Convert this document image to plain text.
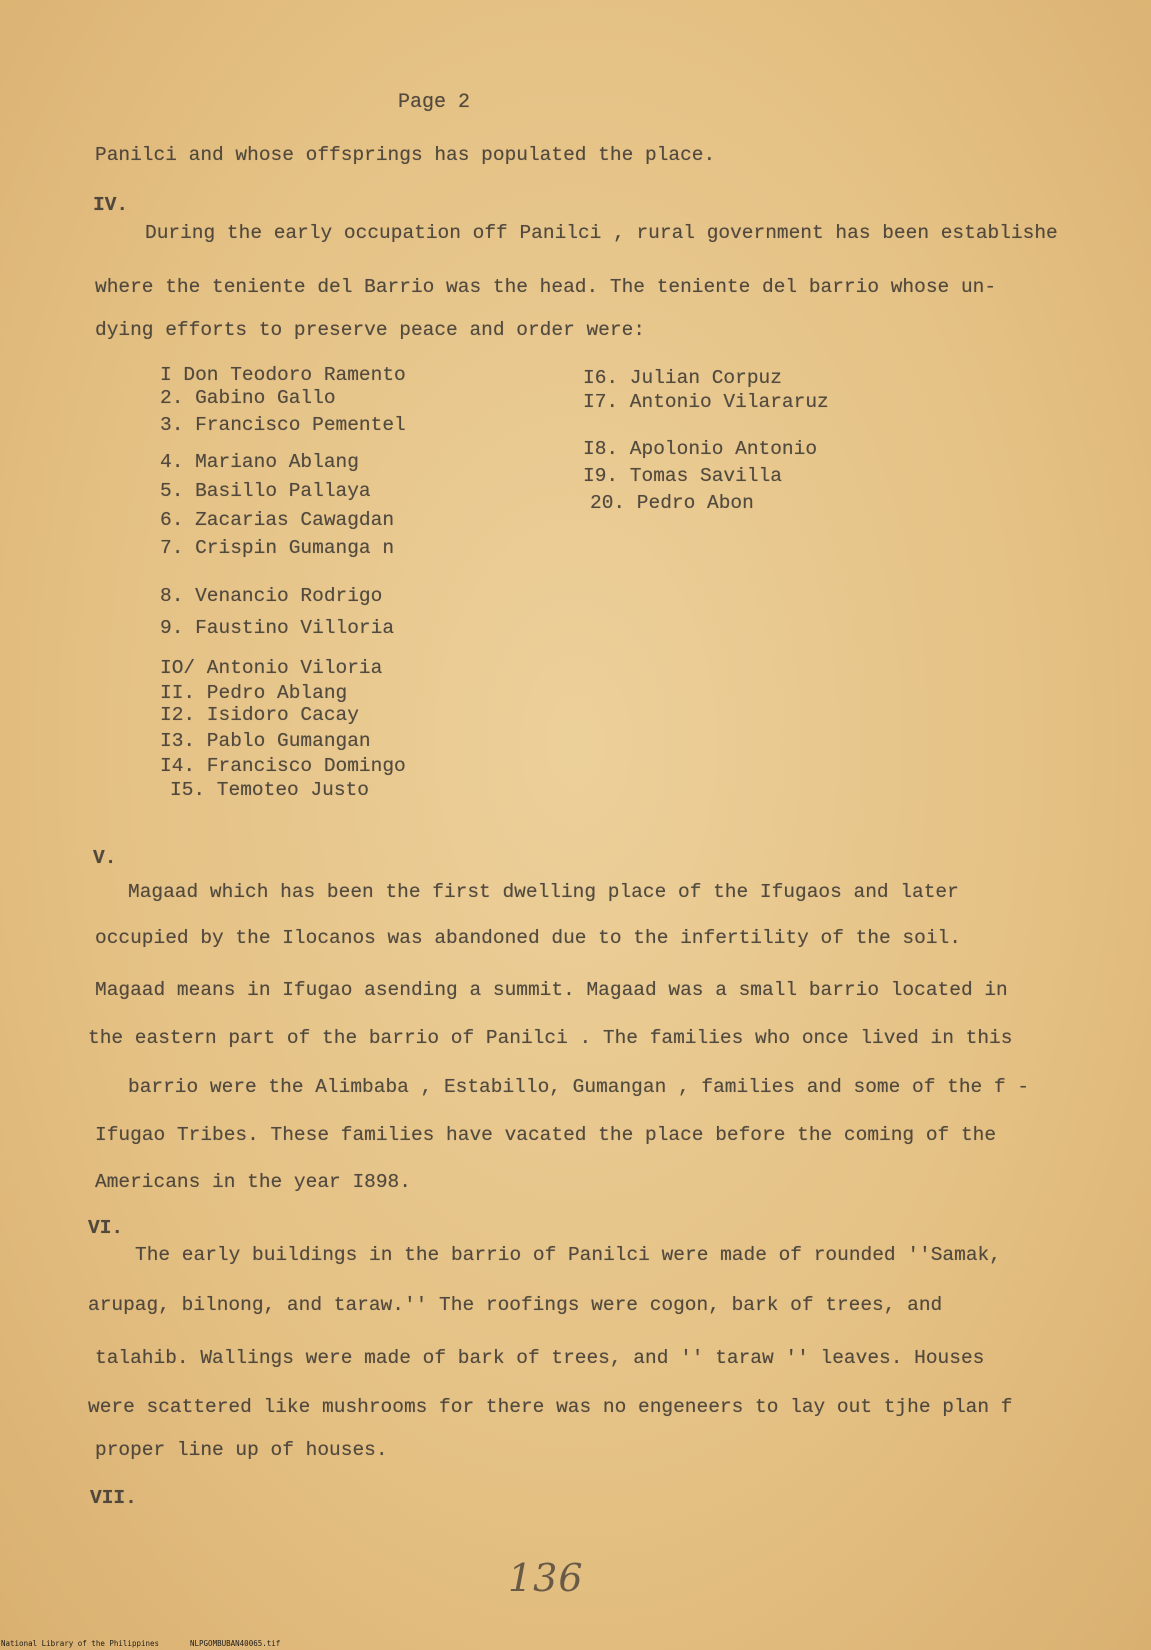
Page 2
Panilci and whose offsprings has populated the place.
IV.
During the early occupation off Panilci , rural government has been establishe
where the teniente del Barrio was the head. The teniente del barrio whose un-
dying efforts to preserve peace and order were:
I Don Teodoro Ramento
2. Gabino Gallo
3. Francisco Pementel
4. Mariano Ablang
5. Basillo Pallaya
6. Zacarias Cawagdan
7. Crispin Gumanga n
8. Venancio Rodrigo
9. Faustino Villoria
IO/ Antonio Viloria
II. Pedro Ablang
I2. Isidoro Cacay
I3. Pablo Gumangan
I4. Francisco Domingo
I5. Temoteo Justo
I6. Julian Corpuz
I7. Antonio Vilararuz
I8. Apolonio Antonio
I9. Tomas Savilla
20. Pedro Abon
V.
Magaad which has been the first dwelling place of the Ifugaos and later
occupied by the Ilocanos was abandoned due to the infertility of the soil.
Magaad means in Ifugao asending a summit. Magaad was a small barrio located in
the eastern part of the barrio of Panilci . The families who once lived in this
barrio were the Alimbaba , Estabillo, Gumangan , families and some of the f -
Ifugao Tribes. These families have vacated the place before the coming of the
Americans in the year I898.
VI.
The early buildings in the barrio of Panilci were made of rounded ''Samak,
arupag, bilnong, and taraw.'' The roofings were cogon, bark of trees, and
talahib. Wallings were made of bark of trees, and '' taraw '' leaves. Houses
were scattered like mushrooms for there was no engeneers to lay out tjhe plan f
proper line up of houses.
VII.
136
National Library of the Philippines	NLPGOMBUBAN40065.tif
